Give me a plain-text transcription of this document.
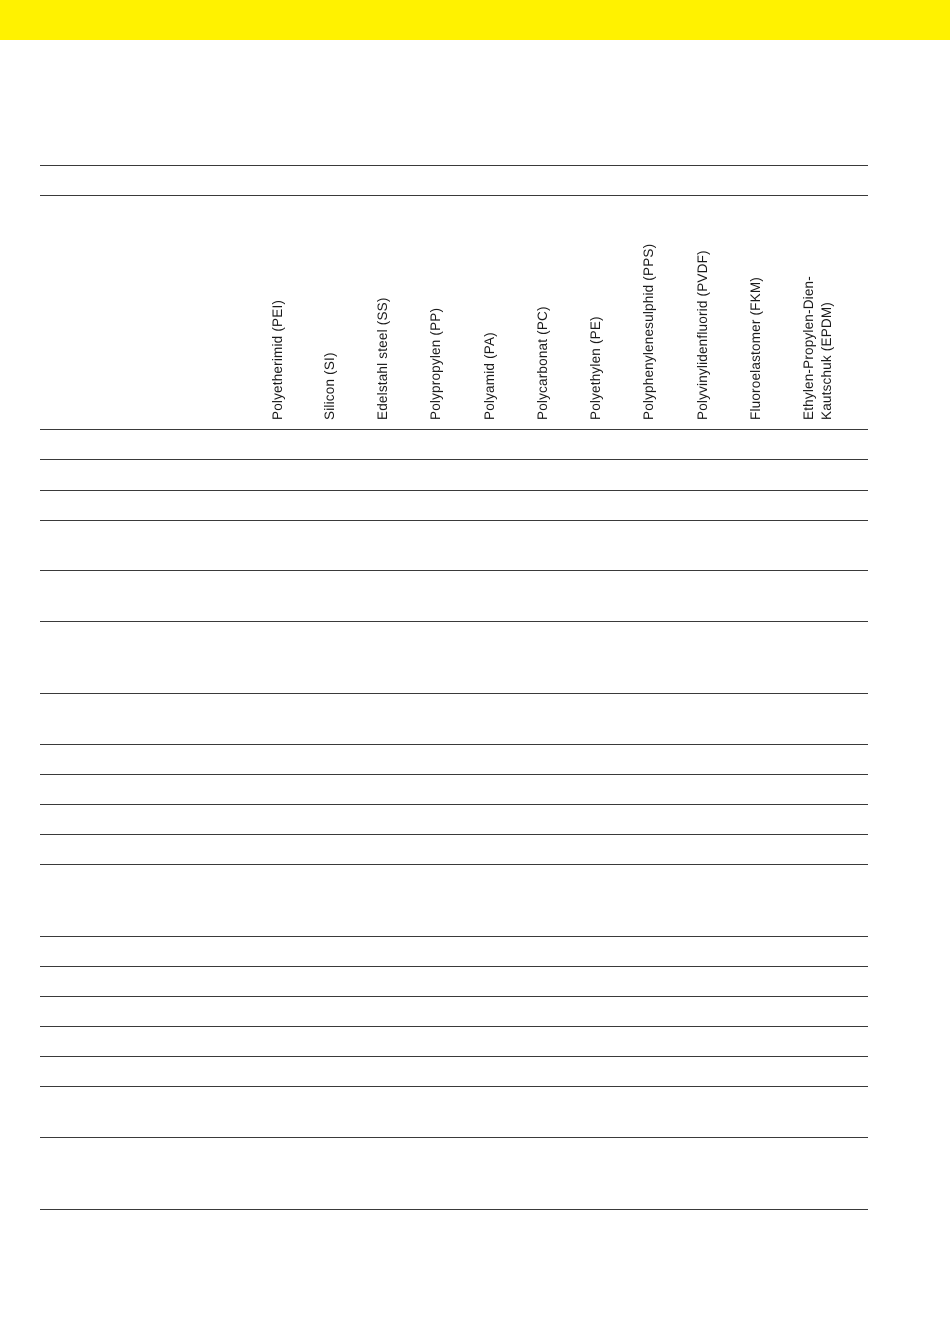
Polyetherimid (PEI)	Silicon (SI)	Edelstahl steel (SS)	Polypropylen (PP)	Polyamid (PA)	Polycarbonat (PC)	Polyethylen (PE)	Polyphenylenesulphid (PPS)	Polyvinylidenfluorid (PVDF)	Fluoroelastomer (FKM)	Ethylen-Propylen-Dien- Kautschuk (EPDM)
